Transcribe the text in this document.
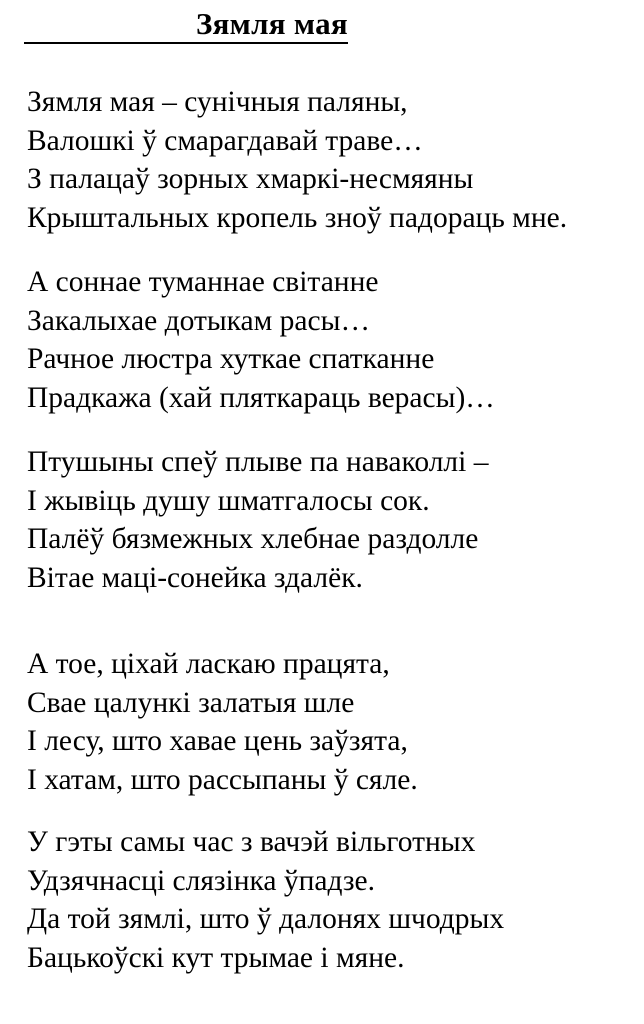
Зямля мая
Зямля мая – сунічныя паляны,
Валошкі ў смарагдавай траве…
З палацаў зорных хмаркі-несмяяны
Крыштальных кропель зноў падораць мне.
А соннае туманнае світанне
Закалыхае дотыкам расы…
Рачное люстра хуткае спатканне
Прадкажа (хай пляткараць верасы)…
Птушыны спеў плыве па наваколлі –
І жывіць душу шматгалосы сок.
Палёў бязмежных хлебнае раздолле
Вітае маці-сонейка здалёк.
А тое, ціхай ласкаю працята,
Свае цалункі залатыя шле
І лесу, што хавае цень заўзята,
І хатам, што рассыпаны ў сяле.
У гэты самы час з вачэй вільготных
Удзячнасці слязінка ўпадзе.
Да той зямлі, што ў далонях шчодрых
Бацькоўскі кут трымае і мяне.
